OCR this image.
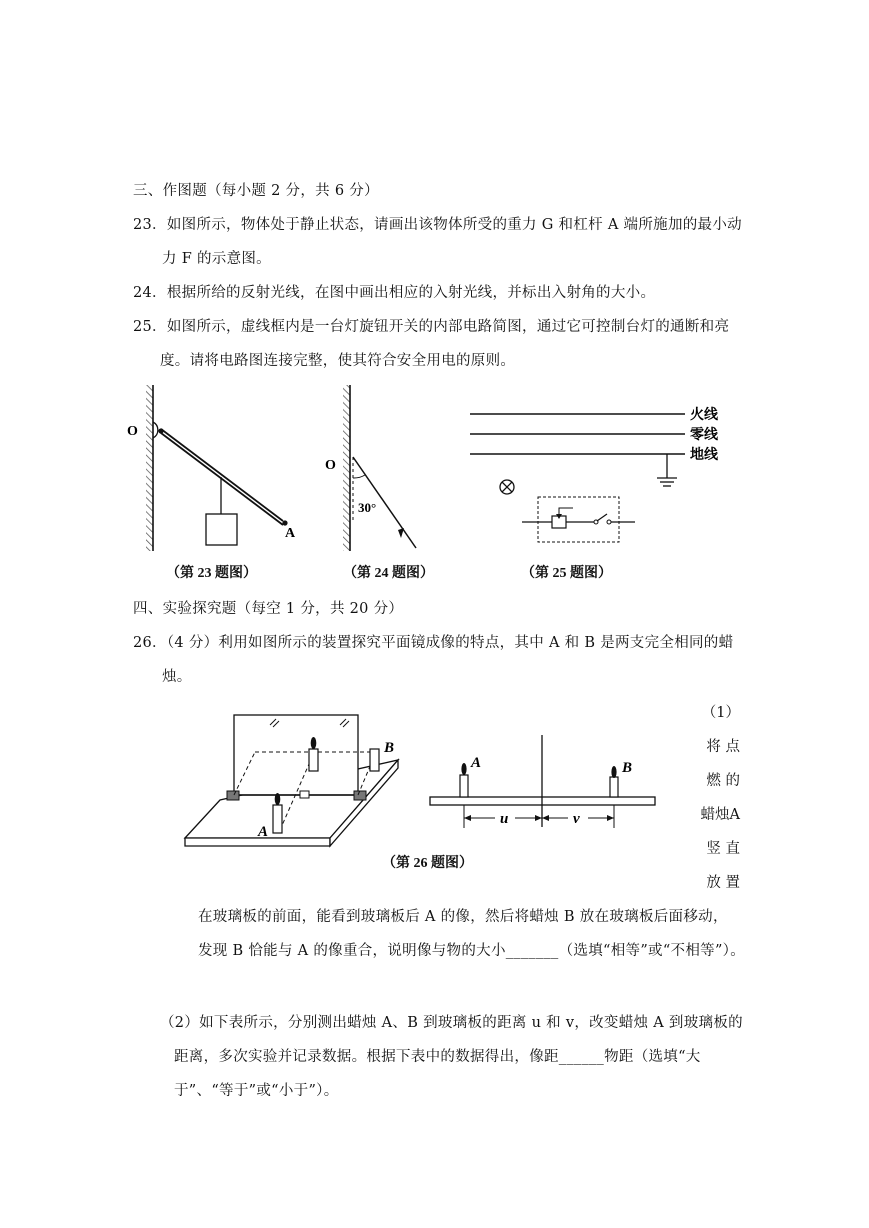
三、作图题（每小题 2 分，共 6 分）
23．如图所示，物体处于静止状态，请画出该物体所受的重力 G 和杠杆 A 端所施加的最小动
力 F 的示意图。
24．根据所给的反射光线，在图中画出相应的入射光线，并标出入射角的大小。
25．如图所示，虚线框内是一台灯旋钮开关的内部电路简图，通过它可控制台灯的通断和亮
度。请将电路图连接完整，使其符合安全用电的原则。
O
A
（第 23 题图）
O
30°
（第 24 题图）
火线
零线
地线
（第 25 题图）
四、实验探究题（每空 1 分，共 20 分）
26．（4 分）利用如图所示的装置探究平面镜成像的特点，其中 A 和 B 是两支完全相同的蜡
烛。
A
B
A	B
u	v
（第 26 题图）
（1）
将 点
燃 的
蜡烛A
竖 直
放 置
在玻璃板的前面，能看到玻璃板后 A 的像，然后将蜡烛 B 放在玻璃板后面移动，
发现 B 恰能与 A 的像重合，说明像与物的大小_______（选填“相等”或“不相等”）。
（2）如下表所示，分别测出蜡烛 A、B 到玻璃板的距离 u 和 v，改变蜡烛 A 到玻璃板的
距离，多次实验并记录数据。根据下表中的数据得出，像距______物距（选填“大
于”、“等于”或“小于”）。
